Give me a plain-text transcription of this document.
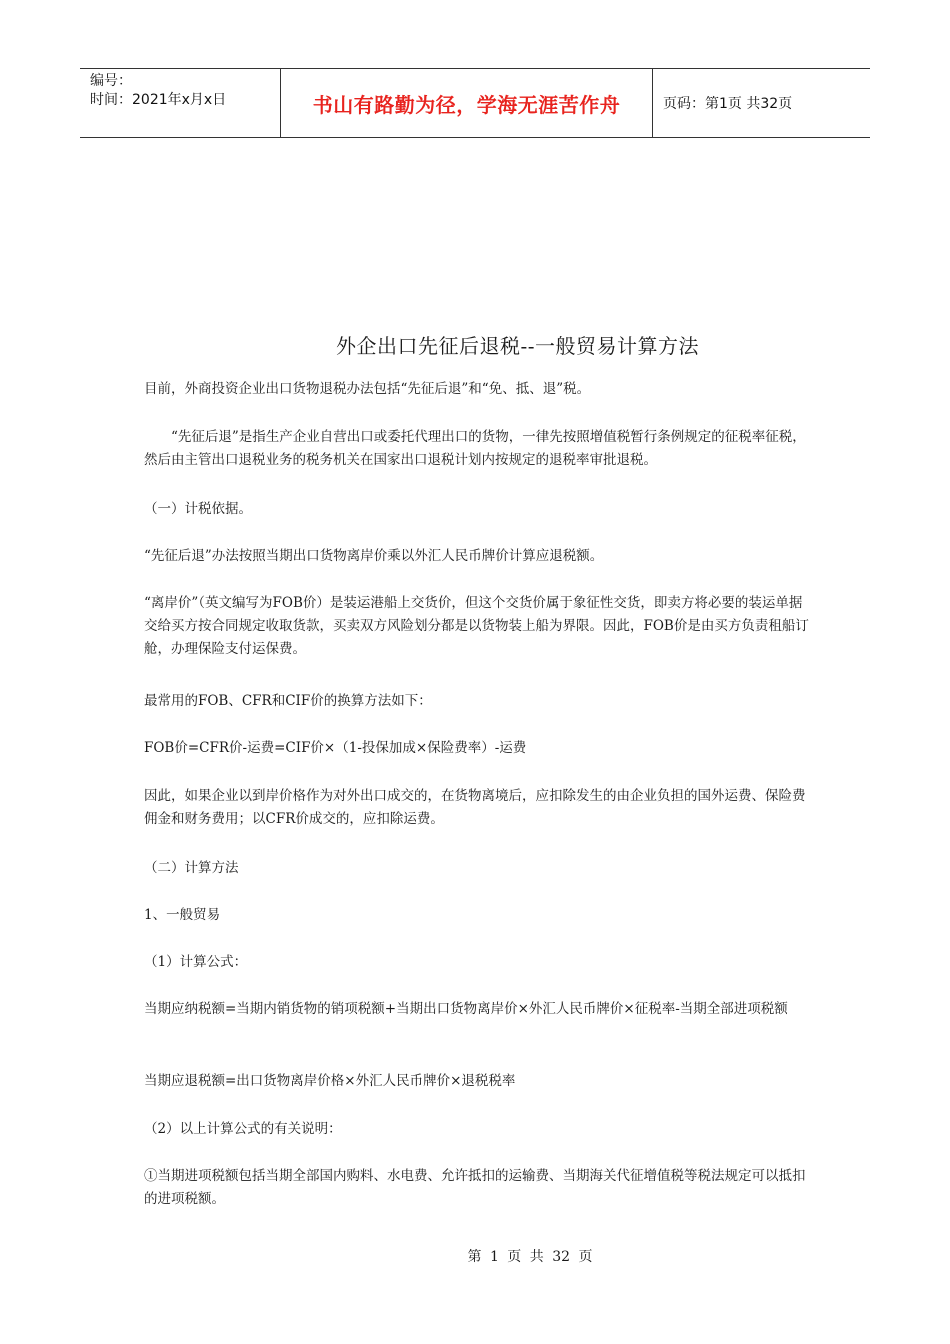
编号：
时间：2021年x月x日	书山有路勤为径，学海无涯苦作舟	页码：第1页 共32页
外企出口先征后退税--一般贸易计算方法

目前，外商投资企业出口货物退税办法包括“先征后退”和“免、抵、退”税。

“先征后退”是指生产企业自营出口或委托代理出口的货物，一律先按照增值税暂行条例规定的征税率征税，然后由主管出口退税业务的税务机关在国家出口退税计划内按规定的退税率审批退税。

（一）计税依据。

“先征后退”办法按照当期出口货物离岸价乘以外汇人民币牌价计算应退税额。

“离岸价”（英文编写为FOB价）是装运港船上交货价，但这个交货价属于象征性交货，即卖方将必要的装运单据交给买方按合同规定收取货款，买卖双方风险划分都是以货物装上船为界限。因此，FOB价是由买方负责租船订舱，办理保险支付运保费。

最常用的FOB、CFR和CIF价的换算方法如下：

FOB价=CFR价-运费=CIF价×（1-投保加成×保险费率）-运费

因此，如果企业以到岸价格作为对外出口成交的，在货物离境后，应扣除发生的由企业负担的国外运费、保险费佣金和财务费用；以CFR价成交的，应扣除运费。

（二）计算方法

1、一般贸易

（1）计算公式：

当期应纳税额=当期内销货物的销项税额+当期出口货物离岸价×外汇人民币牌价×征税率-当期全部进项税额

当期应退税额=出口货物离岸价格×外汇人民币牌价×退税税率

（2）以上计算公式的有关说明：

①当期进项税额包括当期全部国内购料、水电费、允许抵扣的运输费、当期海关代征增值税等税法规定可以抵扣的进项税额。

第 1 页 共 32 页
